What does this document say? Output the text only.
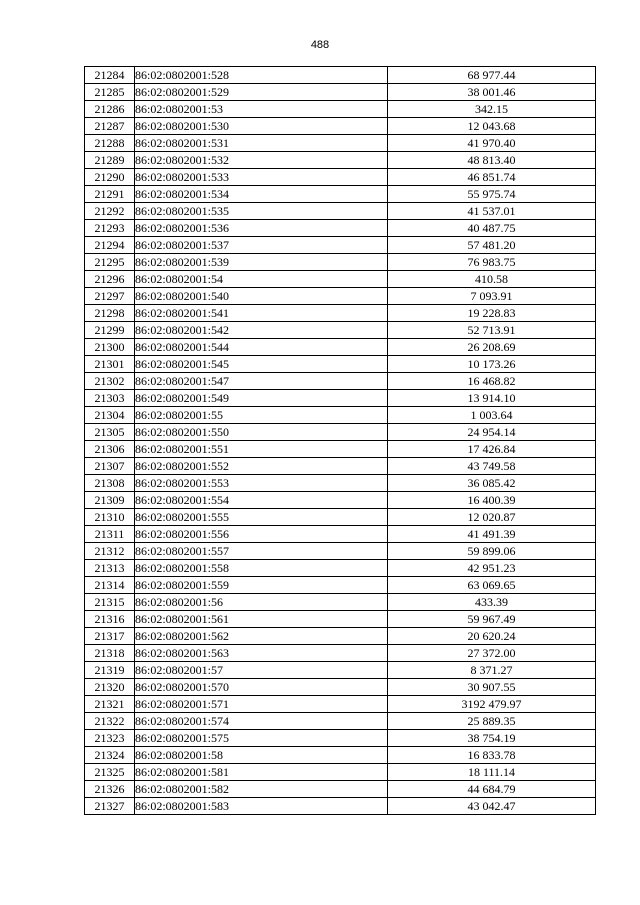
488
21284	86:02:0802001:528	68 977.44
21285	86:02:0802001:529	38 001.46
21286	86:02:0802001:53	342.15
21287	86:02:0802001:530	12 043.68
21288	86:02:0802001:531	41 970.40
21289	86:02:0802001:532	48 813.40
21290	86:02:0802001:533	46 851.74
21291	86:02:0802001:534	55 975.74
21292	86:02:0802001:535	41 537.01
21293	86:02:0802001:536	40 487.75
21294	86:02:0802001:537	57 481.20
21295	86:02:0802001:539	76 983.75
21296	86:02:0802001:54	410.58
21297	86:02:0802001:540	7 093.91
21298	86:02:0802001:541	19 228.83
21299	86:02:0802001:542	52 713.91
21300	86:02:0802001:544	26 208.69
21301	86:02:0802001:545	10 173.26
21302	86:02:0802001:547	16 468.82
21303	86:02:0802001:549	13 914.10
21304	86:02:0802001:55	1 003.64
21305	86:02:0802001:550	24 954.14
21306	86:02:0802001:551	17 426.84
21307	86:02:0802001:552	43 749.58
21308	86:02:0802001:553	36 085.42
21309	86:02:0802001:554	16 400.39
21310	86:02:0802001:555	12 020.87
21311	86:02:0802001:556	41 491.39
21312	86:02:0802001:557	59 899.06
21313	86:02:0802001:558	42 951.23
21314	86:02:0802001:559	63 069.65
21315	86:02:0802001:56	433.39
21316	86:02:0802001:561	59 967.49
21317	86:02:0802001:562	20 620.24
21318	86:02:0802001:563	27 372.00
21319	86:02:0802001:57	8 371.27
21320	86:02:0802001:570	30 907.55
21321	86:02:0802001:571	3192 479.97
21322	86:02:0802001:574	25 889.35
21323	86:02:0802001:575	38 754.19
21324	86:02:0802001:58	16 833.78
21325	86:02:0802001:581	18 111.14
21326	86:02:0802001:582	44 684.79
21327	86:02:0802001:583	43 042.47
